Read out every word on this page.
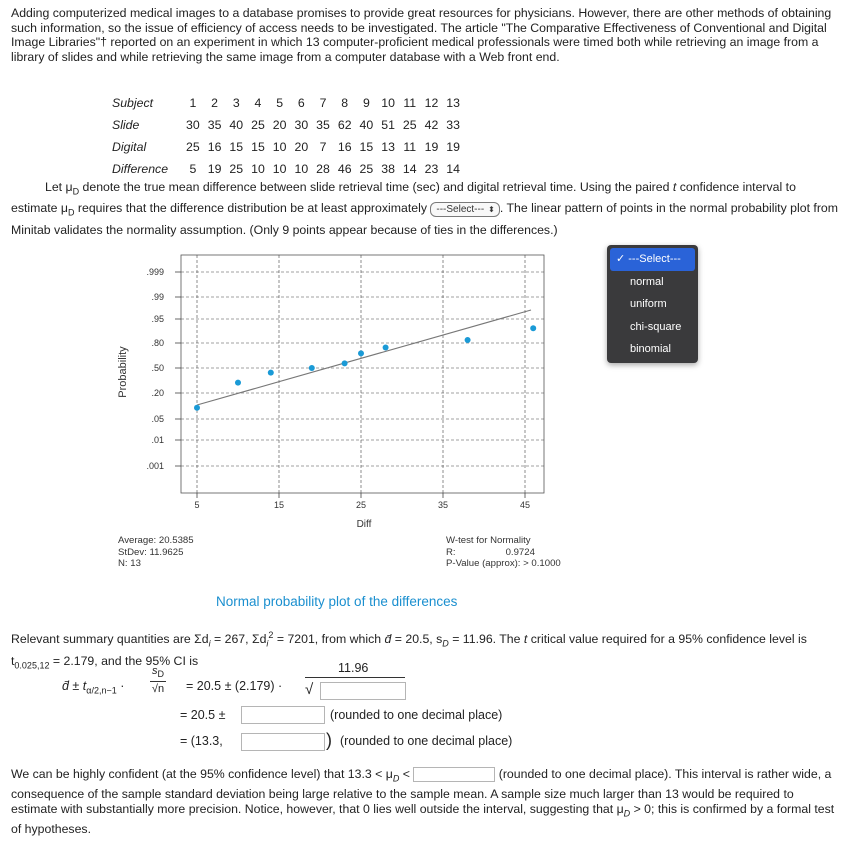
Adding computerized medical images to a database promises to provide great resources for physicians. However, there are other methods of obtaining such information, so the issue of efficiency of access needs to be investigated. The article "The Comparative Effectiveness of Conventional and Digital Image Libraries"† reported on an experiment in which 13 computer-proficient medical professionals were timed both while retrieving an image from a library of slides and while retrieving the same image from a computer database with a Web front end.
Subject	1	2	3	4	5	6	7	8	9	10	11	12	13
Slide	30	35	40	25	20	30	35	62	40	51	25	42	33
Digital	25	16	15	15	10	20	7	16	15	13	11	19	19
Difference	5	19	25	10	10	10	28	46	25	38	14	23	14
Let $\mu_D$ denote the true mean difference between slide retrieval time (sec) and digital retrieval time. Using the paired t confidence interval to estimate $\mu_D$ requires that the difference distribution be at least approximately ---Select--- ⬍ . The linear pattern of points in the normal probability plot from Minitab validates the normality assumption. (Only 9 points appear because of ties in the differences.)
Probability
Diff
.999
.99
.95
.80
.50
.20
.05
.01
.001
5	15	25	35	45
✓ ---Select---
normal
uniform
chi-square
binomial
Average: 20.5385
StDev: 11.9625
N: 13
W-test for Normality
R:	0.9724
P-Value (approx): > 0.1000
Normal probability plot of the differences
Relevant summary quantities are $\Sigma d_i = 267$, $\Sigma d_i^2 = 7201$, from which d̄ = 20.5, $s_D = 11.96$. The t critical value required for a 95% confidence level is $t_{0.025,12} = 2.179$, and the 95% CI is
d̄ ± $t_{\alpha/2,n-1}$ ·
$s_D$
√n = 20.5 ± (2.179) ·
11.96
√
= 20.5 ±	(rounded to one decimal place)
= (13.3,	) (rounded to one decimal place)
We can be highly confident (at the 95% confidence level) that $13.3 < \mu_D$ <	(rounded to one decimal place). This interval is rather wide, a consequence of the sample standard deviation being large relative to the sample mean. A sample size much larger than 13 would be required to estimate with substantially more precision. Notice, however, that 0 lies well outside the interval, suggesting that $\mu_D > 0$; this is confirmed by a formal test of hypotheses.
